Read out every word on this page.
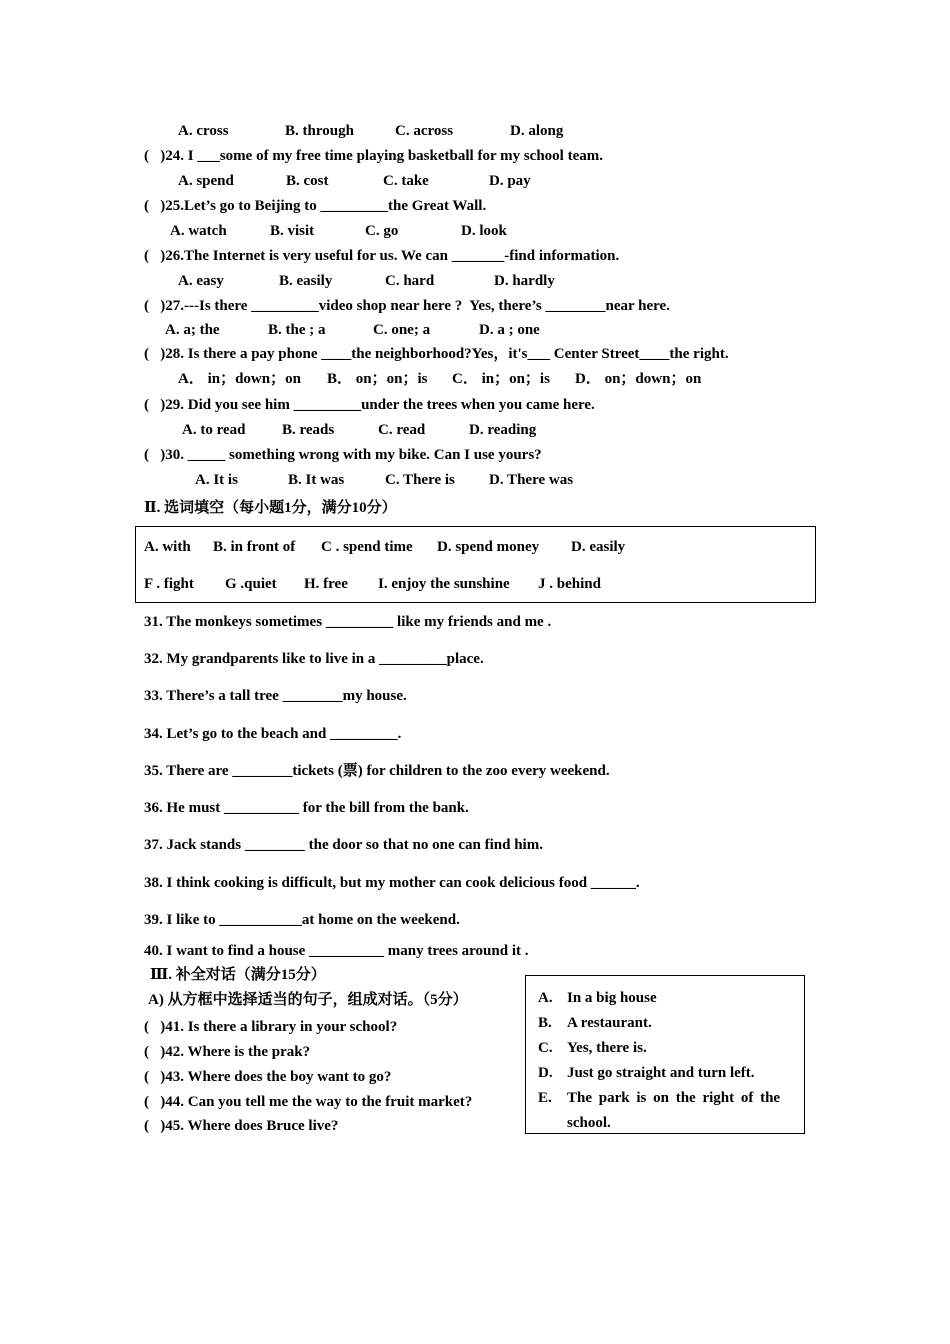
A. cross	B. through	C. across	D. along
(   )24. I ___some of my free time playing basketball for my school team.
A. spend	B. cost	C. take	D. pay
(   )25.Let’s go to Beijing to _________the Great Wall.
A. watch	B. visit	C. go	D. look
(   )26.The Internet is very useful for us. We can _______-find information.
A. easy	B. easily	C. hard	D. hardly
(   )27.---Is there _________video shop near here ?  Yes, there’s ________near here.
A. a; the	B. the ; a	C. one; a	D. a ; one
(   )28. Is there a pay phone ____the neighborhood?Yes，it's___ Center Street____the right.
A． in；down；on B． on；on；is C． in；on；is D． on；down；on
(   )29. Did you see him _________under the trees when you came here.
A. to read B. reads	C. read	D. reading
(   )30. _____ something wrong with my bike. Can I use yours?
A. It is	B. It was	C. There is D. There was
Ⅱ. 选词填空（每小题1分，满分10分）
A. with B. in front of C . spend time D. spend money D. easily
F . fight G .quiet H. free I. enjoy the sunshine J . behind
31. The monkeys sometimes _________ like my friends and me .
32. My grandparents like to live in a _________place.
33. There’s a tall tree ________my house.
34. Let’s go to the beach and _________.
35. There are ________tickets (票) for children to the zoo every weekend.
36. He must __________ for the bill from the bank.
37. Jack stands ________ the door so that no one can find him.
38. I think cooking is difficult, but my mother can cook delicious food ______.
39. I like to ___________at home on the weekend.
40. I want to find a house __________ many trees around it .
Ⅲ. 补全对话（满分15分）
A) 从方框中选择适当的句子，组成对话。（5分）
(   )41. Is there a library in your school?
(   )42. Where is the prak?
(   )43. Where does the boy want to go?
(   )44. Can you tell me the way to the fruit market?
(   )45. Where does Bruce live?
A. In a big house
B. A restaurant.
C. Yes, there is.
D. Just go straight and turn left.
E. The park is on the right of the
school.
